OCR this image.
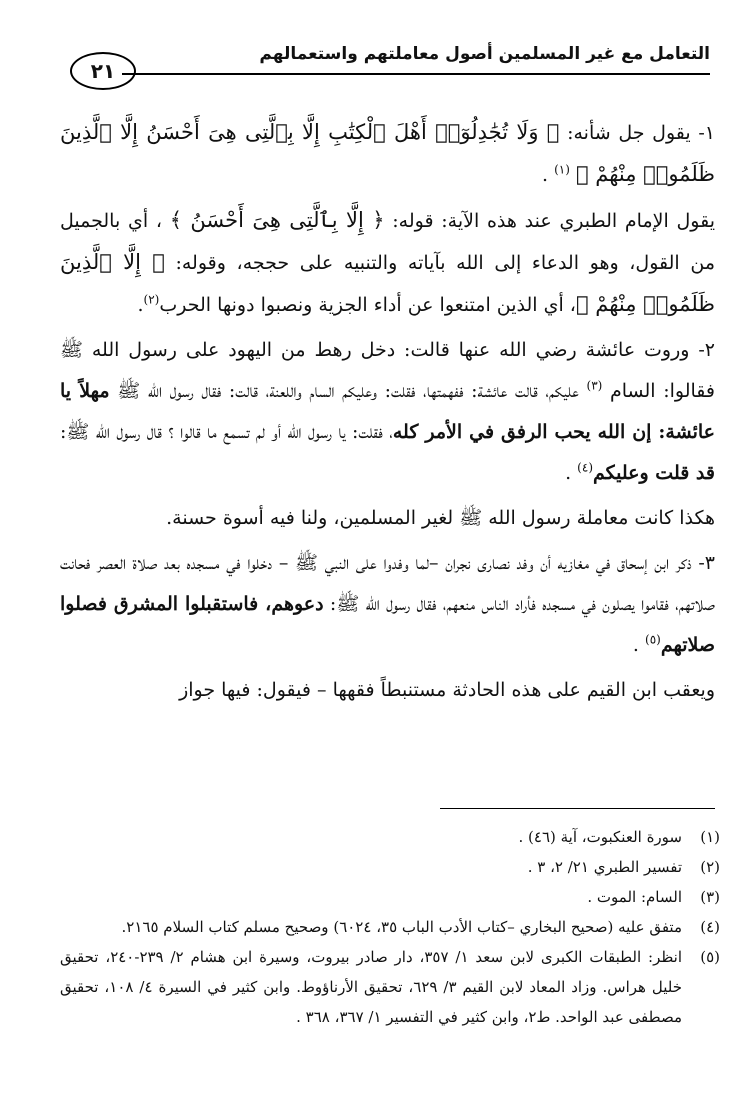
٢١
التعامل مع غير المسلمين أصول معاملتهم واستعمالهم

١- يقول جل شأنه: ﴿ وَلَا تُجَٰدِلُوٓا۟ أَهْلَ ٱلْكِتَٰبِ إِلَّا بِٱلَّتِى هِىَ أَحْسَنُ إِلَّا ٱلَّذِينَ ظَلَمُوا۟ مِنْهُمْ ﴾ $^{(١)}$ .

يقول الإمام الطبري عند هذه الآية: قوله: ﴿ إِلَّا بِٱلَّتِى هِىَ أَحْسَنُ ﴾ ، أي بالجميل من القول، وهو الدعاء إلى الله بآياته والتنبيه على حججه، وقوله: ﴿ إِلَّا ٱلَّذِينَ ظَلَمُوا۟ مِنْهُمْ ﴾، أي الذين امتنعوا عن أداء الجزية ونصبوا دونها الحرب$^{(٢)}$.

٢- وروت عائشة رضي الله عنها قالت: دخل رهط من اليهود على رسول الله ﷺ فقالوا: السام $^{(٣)}$ عليكم، قالت عائشة: ففهمتها، فقلت: وعليكم السام واللعنة، قالت: فقال رسول الله ﷺ مهلاً يا عائشة: إن الله يحب الرفق في الأمر كله، فقلت: يا رسول الله أو لم تسمع ما قالوا ؟ قال رسول الله ﷺ: قد قلت وعليكم$^{(٤)}$ .

هكذا كانت معاملة رسول الله ﷺ لغير المسلمين، ولنا فيه أسوة حسنة.

٣- ذكر ابن إسحاق في مغازيه أن وفد نصارى نجران –لما وفدوا على النبي ﷺ – دخلوا في مسجده بعد صلاة العصر فحانت صلاتهم، فقاموا يصلون في مسجده فأراد الناس منعهم، فقال رسول الله ﷺ: دعوهم، فاستقبلوا المشرق فصلوا صلاتهم$^{(٥)}$ .

ويعقب ابن القيم على هذه الحادثة مستنبطاً فقهها – فيقول: فيها جواز

(١)
سورة العنكبوت، آية (٤٦) .
(٢)
تفسير الطبري ٢١/ ٢، ٣ .
(٣)
السام: الموت .
(٤)
متفق عليه (صحيح البخاري –كتاب الأدب الباب ٣٥، ٦٠٢٤) وصحيح مسلم كتاب السلام ٢١٦٥.
(٥)
انظر: الطبقات الكبرى لابن سعد ١/ ٣٥٧، دار صادر بيروت، وسيرة ابن هشام ٢/ ٢٣٩-٢٤٠، تحقيق خليل هراس. وزاد المعاد لابن القيم ٣/ ٦٢٩، تحقيق الأرناؤوط. وابن كثير في السيرة ٤/ ١٠٨، تحقيق مصطفى عبد الواحد. ط٢، وابن كثير في التفسير ١/ ٣٦٧، ٣٦٨ .
